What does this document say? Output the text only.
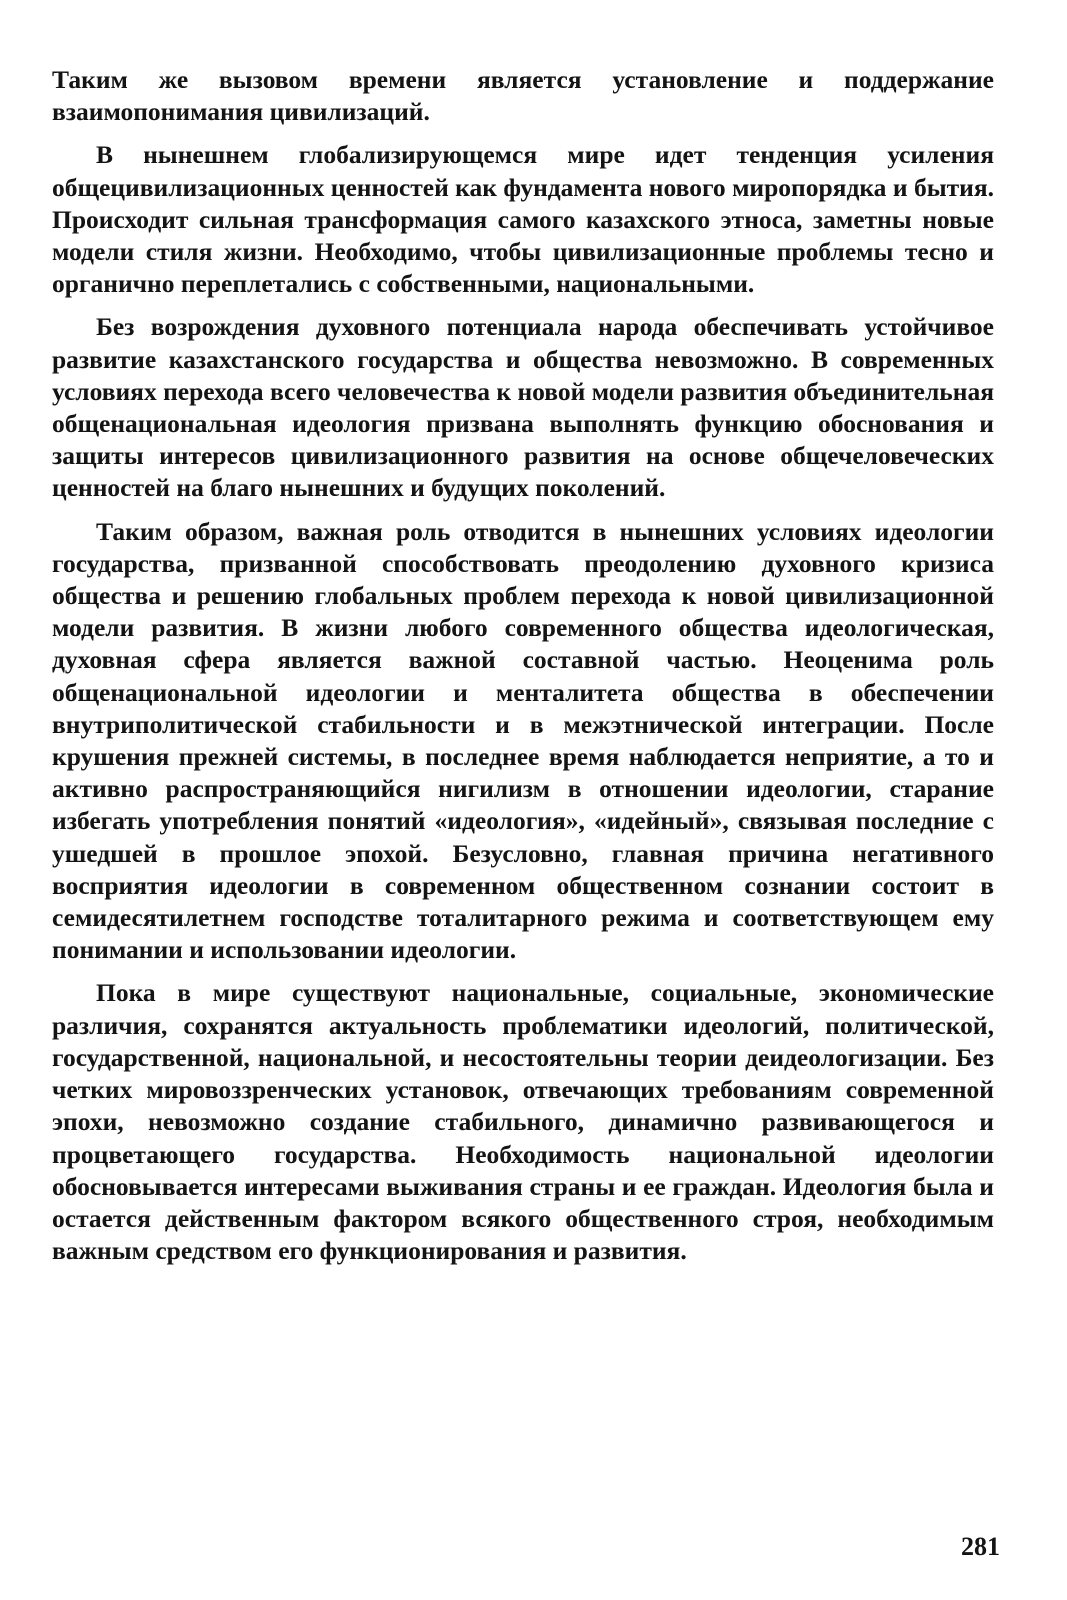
Таким же вызовом времени является установление и поддержание взаимопонимания цивилизаций.

В нынешнем глобализирующемся мире идет тенденция усиления общецивилизационных ценностей как фундамента нового миропорядка и бытия. Происходит сильная трансформация самого казахского этноса, заметны новые модели стиля жизни. Необходимо, чтобы цивилизационные проблемы тесно и органично переплетались с собственными, национальными.

Без возрождения духовного потенциала народа обеспечивать устойчивое развитие казахстанского государства и общества невозможно. В современных условиях перехода всего человечества к новой модели развития объединительная общенациональная идеология призвана выполнять функцию обоснования и защиты интересов цивилизационного развития на основе общечеловеческих ценностей на благо нынешних и будущих поколений.

Таким образом, важная роль отводится в нынешних условиях идеологии государства, призванной способствовать преодолению духовного кризиса общества и решению глобальных проблем перехода к новой цивилизационной модели развития. В жизни любого современного общества идеологическая, духовная сфера является важной составной частью. Неоценима роль общенациональной идеологии и менталитета общества в обеспечении внутриполитической стабильности и в межэтнической интеграции. После крушения прежней системы, в последнее время наблюдается неприятие, а то и активно распространяющийся нигилизм в отношении идеологии, старание избегать употребления понятий «идеология», «идейный», связывая последние с ушедшей в прошлое эпохой. Безусловно, главная причина негативного восприятия идеологии в современном общественном сознании состоит в семидесятилетнем господстве тоталитарного режима и соответствующем ему понимании и использовании идеологии.

Пока в мире существуют национальные, социальные, экономические различия, сохранятся актуальность проблематики идеологий, политической, государственной, национальной, и несостоятельны теории деидеологизации. Без четких мировоззренческих установок, отвечающих требованиям современной эпохи, невозможно создание стабильного, динамично развивающегося и процветающего государства. Необходимость национальной идеологии обосновывается интересами выживания страны и ее граждан. Идеология была и остается действенным фактором всякого общественного строя, необходимым важным средством его функционирования и развития.

281
